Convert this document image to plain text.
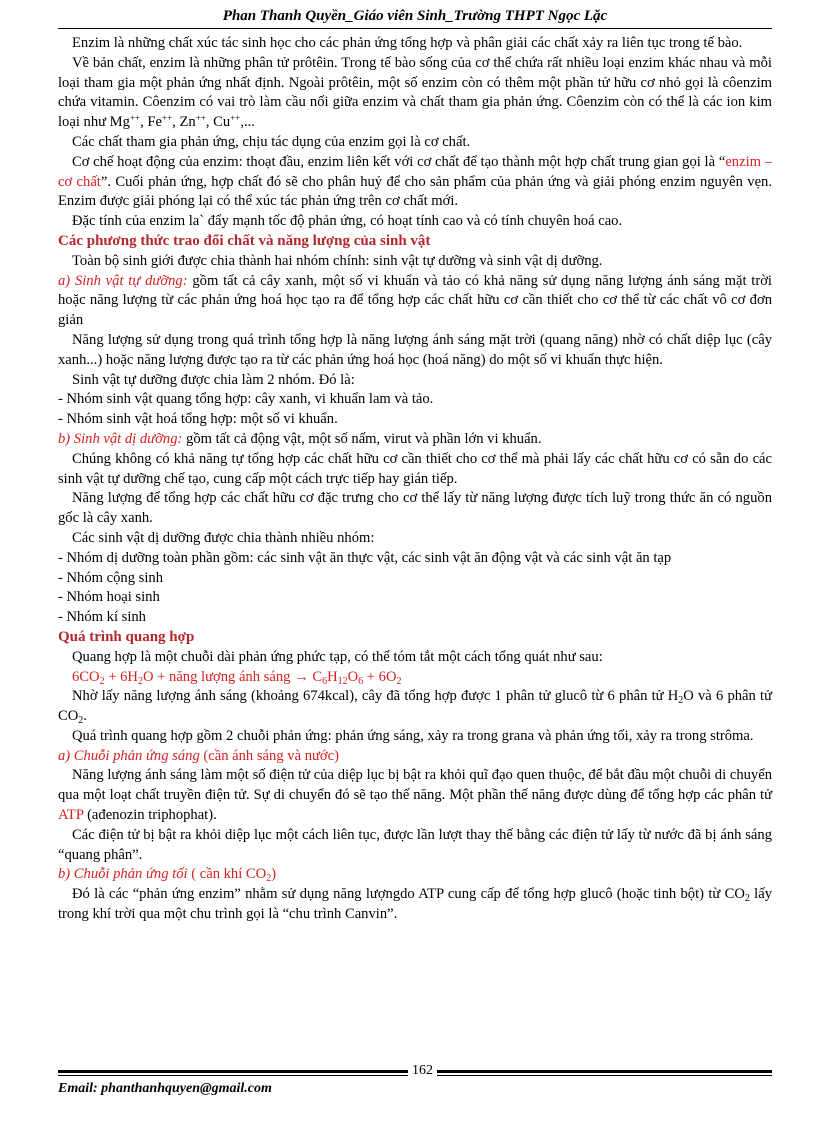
Phan Thanh Quyền_Giáo viên Sinh_Trường THPT Ngọc Lặc

Enzim là những chất xúc tác sinh học cho các phản ứng tổng hợp và phân giải các chất xảy ra liên tục trong tế bào.

Về bản chất, enzim là những phân tử prôtêin. Trong tế bào sống của cơ thể chứa rất nhiều loại enzim khác nhau và mỗi loại tham gia một phản ứng nhất định. Ngoài prôtêin, một số enzim còn có thêm một phần tử hữu cơ nhỏ gọi là côenzim chứa vitamin. Côenzim có vai trò làm cầu nối giữa enzim và chất tham gia phản ứng. Côenzim còn có thể là các ion kim loại như Mg++, Fe++, Zn++, Cu++,...

Các chất tham gia phản ứng, chịu tác dụng của enzim gọi là cơ chất.

Cơ chế hoạt động của enzim: thoạt đầu, enzim liên kết với cơ chất để tạo thành một hợp chất trung gian gọi là “enzim – cơ chất”. Cuối phản ứng, hợp chất đó sẽ cho phân huỷ để cho sản phẩm của phản ứng và giải phóng enzim nguyên vẹn. Enzim được giải phóng lại có thể xúc tác phản ứng trên cơ chất mới.

Đặc tính của enzim la` đẩy mạnh tốc độ phản ứng, có hoạt tính cao và có tính chuyên hoá cao.

Các phương thức trao đổi chất và năng lượng của sinh vật

Toàn bộ sinh giới được chia thành hai nhóm chính: sinh vật tự dưỡng và sinh vật dị dưỡng.

a) Sinh vật tự dưỡng: gồm tất cả cây xanh, một số vi khuẩn và tảo có khả năng sử dụng năng lượng ánh sáng mặt trời hoặc năng lượng từ các phản ứng hoá học tạo ra để tổng hợp các chất hữu cơ cần thiết cho cơ thể từ các chất vô cơ đơn giản

Năng lượng sử dụng trong quá trình tổng hợp là năng lượng ánh sáng mặt trời (quang năng) nhờ có chất diệp lục (cây xanh...) hoặc năng lượng được tạo ra từ các phản ứng hoá học (hoá năng) do một số vi khuẩn thực hiện.

Sinh vật tự dưỡng được chia làm 2 nhóm. Đó là:

- Nhóm sinh vật quang tổng hợp: cây xanh, vi khuẩn lam và tảo.

- Nhóm sinh vật hoá tổng hợp: một số vi khuẩn.

b) Sinh vật dị dưỡng: gồm tất cả động vật, một số nấm, virut và phần lớn vi khuẩn.

Chúng không có khả năng tự tổng hợp các chất hữu cơ cần thiết cho cơ thể mà phải lấy các chất hữu cơ có sẵn do các sinh vật tự dưỡng chế tạo, cung cấp một cách trực tiếp hay gián tiếp.

Năng lượng để tổng hợp các chất hữu cơ đặc trưng cho cơ thể lấy từ năng lượng được tích luỹ trong thức ăn có nguồn gốc là cây xanh.

Các sinh vật dị dưỡng được chia thành nhiều nhóm:

- Nhóm dị dưỡng toàn phần gồm: các sinh vật ăn thực vật, các sinh vật ăn động vật và các sinh vật ăn tạp

- Nhóm cộng sinh

- Nhóm hoại sinh

- Nhóm kí sinh

Quá trình quang hợp

Quang hợp là một chuỗi dài phản ứng phức tạp, có thể tóm tắt một cách tổng quát như sau:

$6CO_2 + 6H_2O$ + năng lượng ánh sáng → $C_6H_{12}O_6 + 6O_2$

Nhờ lấy năng lượng ánh sáng (khoảng 674kcal), cây đã tổng hợp được 1 phân tử glucô từ 6 phân tử $H_2O$ và 6 phân tử $CO_2$.

Quá trình quang hợp gồm 2 chuỗi phản ứng: phản ứng sáng, xảy ra trong grana và phản ứng tối, xảy ra trong strôma.

a) Chuỗi phản ứng sáng (cần ánh sáng và nước)

Năng lượng ánh sáng làm một số điện tử của diệp lục bị bật ra khỏi quĩ đạo quen thuộc, để bắt đầu một chuỗi di chuyển qua một loạt chất truyền điện tử. Sự di chuyển đó sẽ tạo thế năng. Một phần thế năng được dùng để tổng hợp các phân tử ATP (ađenozin triphophat).

Các điện tử bị bật ra khỏi diệp lục một cách liên tục, được lần lượt thay thế bằng các điện tử lấy từ nước đã bị ánh sáng “quang phân”.

b) Chuỗi phản ứng tối ( cần khí $CO_2$)

Đó là các “phản ứng enzim” nhằm sử dụng năng lượngdo ATP cung cấp để tổng hợp glucô (hoặc tinh bột) từ $CO_2$ lấy trong khí trời qua một chu trình gọi là “chu trình Canvin”.

162
Email: phanthanhquyen@gmail.com
